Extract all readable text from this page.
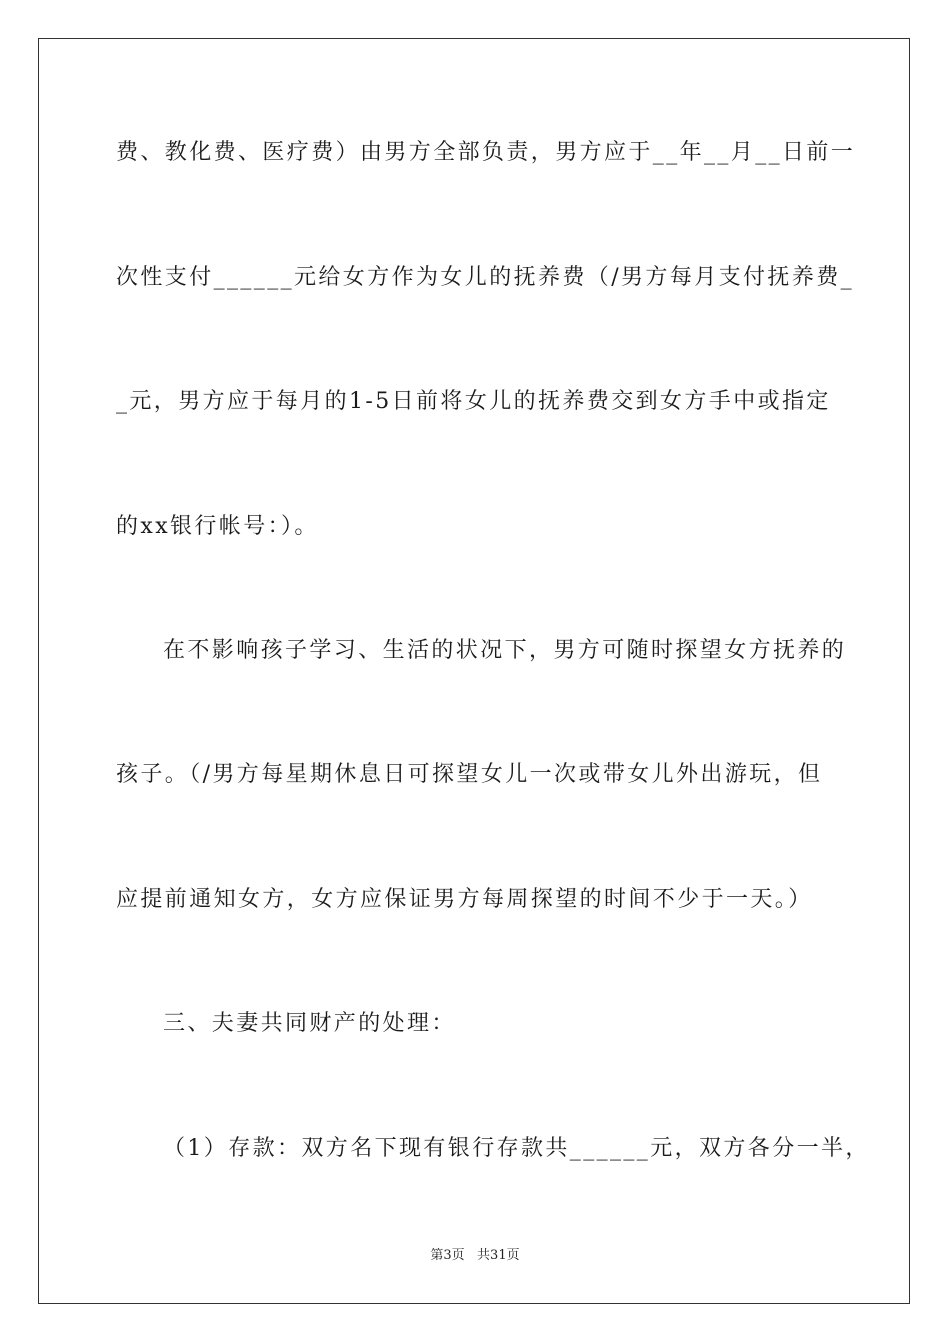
费、教化费、医疗费）由男方全部负责，男方应于__年__月__日前一
次性支付______元给女方作为女儿的抚养费（/男方每月支付抚养费_
_元，男方应于每月的1-5日前将女儿的抚养费交到女方手中或指定
的xx银行帐号：）。
在不影响孩子学习、生活的状况下，男方可随时探望女方抚养的
孩子。（/男方每星期休息日可探望女儿一次或带女儿外出游玩，但
应提前通知女方，女方应保证男方每周探望的时间不少于一天。）
三、夫妻共同财产的处理：
（1）存款：双方名下现有银行存款共______元，双方各分一半，
第3页   共31页
